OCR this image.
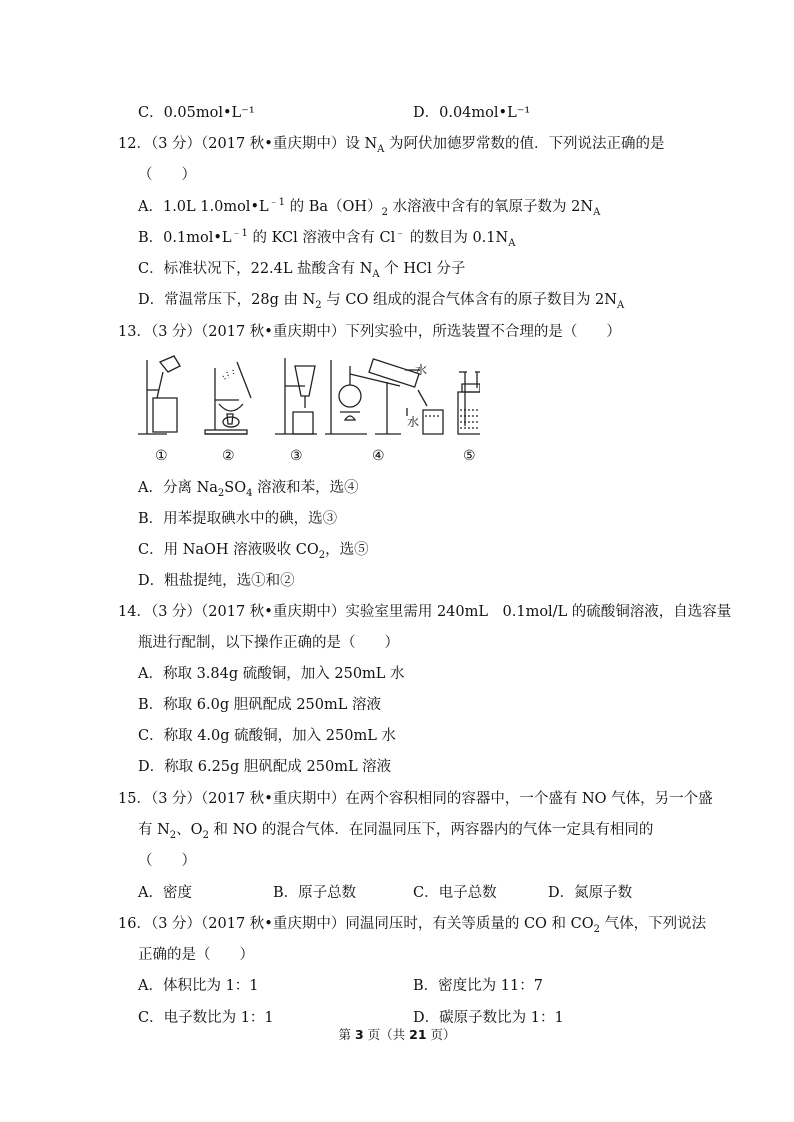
C．0.05mol•L⁻¹	D．0.04mol•L⁻¹
12．（3 分）（2017 秋•重庆期中）设 $N_A$ 为阿伏加德罗常数的值．下列说法正确的是
（　　）
A．1.0L $1.0mol•L^{﹣1}$ 的 $Ba(OH)_2$ 水溶液中含有的氧原子数为 $2N_A$
B．$0.1mol•L^{﹣1}$ 的 KCl 溶液中含有 Cl﹣ 的数目为 $0.1N_A$
C．标准状况下，22.4L 盐酸含有 $N_A$ 个 HCl 分子
D．常温常压下，28g 由 $N_2$ 与 CO 组成的混合气体含有的原子数目为 $2N_A$
13．（3 分）（2017 秋•重庆期中）下列实验中，所选装置不合理的是（　　）
①	②	③	④	⑤
水
水
A．分离 $Na_2SO_4$ 溶液和苯，选④
B．用苯提取碘水中的碘，选③
C．用 NaOH 溶液吸收 $CO_2$，选⑤
D．粗盐提纯，选①和②
14．（3 分）（2017 秋•重庆期中）实验室里需用 240mL　0.1mol/L 的硫酸铜溶液，自选容量
瓶进行配制，以下操作正确的是（　　）
A．称取 3.84g 硫酸铜，加入 250mL 水
B．称取 6.0g 胆矾配成 250mL 溶液
C．称取 4.0g 硫酸铜，加入 250mL 水
D．称取 6.25g 胆矾配成 250mL 溶液
15．（3 分）（2017 秋•重庆期中）在两个容积相同的容器中，一个盛有 NO 气体，另一个盛
有 $N_2$、$O_2$ 和 NO 的混合气体．在同温同压下，两容器内的气体一定具有相同的
（　　）
A．密度	B．原子总数	C．电子总数	D．氮原子数
16．（3 分）（2017 秋•重庆期中）同温同压时，有关等质量的 CO 和 $CO_2$ 气体，下列说法
正确的是（　　）
A．体积比为 1：1	B．密度比为 11：7
C．电子数比为 1：1	D．碳原子数比为 1：1
第 3 页（共 21 页）
